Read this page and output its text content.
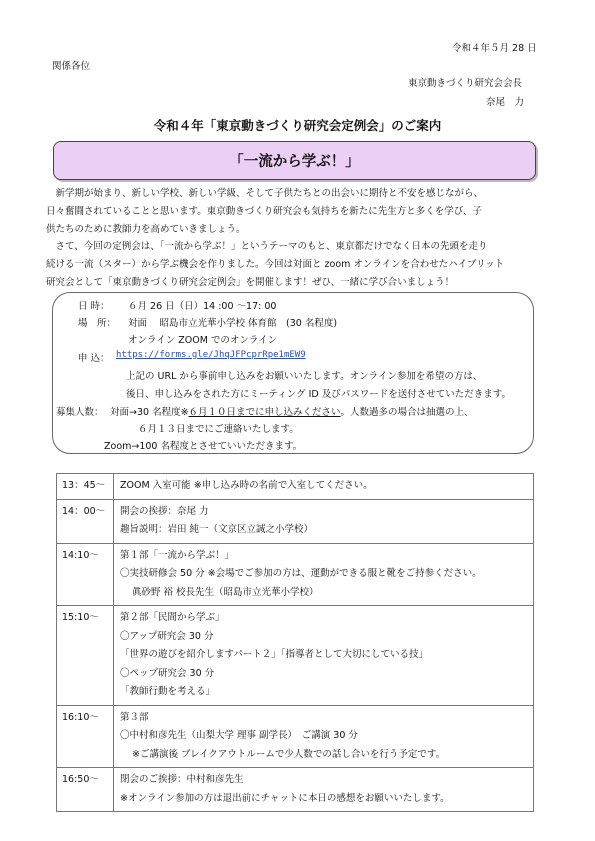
令和４年５月 28 日
関係各位
東京動きづくり研究会会長
奈尾　力
令和４年「東京動きづくり研究会定例会」のご案内
「一流から学ぶ！」

　新学期が始まり、新しい学校、新しい学級、そして子供たちとの出会いに期待と不安を感じながら、

日々奮闘されていることと思います。東京動きづくり研究会も気持ちを新たに先生方と多くを学び、子

供たちのために教師力を高めていきましょう。

　さて、今回の定例会は、「一流から学ぶ！」というテーマのもと、東京都だけでなく日本の先頭を走り

続ける一流（スター）から学ぶ機会を作りました。今回は対面と zoom オンラインを合わせたハイブリット

研究会として「東京動きづくり研究会定例会」を開催します！ぜひ、一緒に学び合いましょう！

日 時： ６月 26 日（日）14 :00 ～17: 00
場　所： 対面　 昭島市立光華小学校 体育館　(30 名程度)
オンライン ZOOM でのオンライン
申 込： https://forms.gle/JhqJFPcprRpe1mEW9
上記の URL から事前申し込みをお願いいたします。オンライン参加を希望の方は、
後日、申し込みをされた方にミーティング ID 及びパスワードを送付させていただきます。
募集人数： 対面→30 名程度※６月１０日までに申し込みください。人数過多の場合は抽選の上、
６月１３日までにご連絡いたします。
Zoom→100 名程度とさせていいただきます。
13：45～	ZOOM 入室可能 ※申し込み時の名前で入室してください。

14：00～	開会の挨拶：奈尾 力
趣旨説明：岩田 純一（文京区立誠之小学校）

14:10～	第１部「一流から学ぶ！」
〇実技研修会 50 分 ※会場でご参加の方は、運動ができる服と靴をご持参ください。
眞砂野 裕 校長先生（昭島市立光華小学校）

15:10～	第２部「民間から学ぶ」
〇アップ研究会 30 分
「世界の遊びを紹介しますパート２」「指導者として大切にしている技」
〇ペップ研究会 30 分
「教師行動を考える」

16:10～	第３部
〇中村和彦先生（山梨大学 理事 副学長）　ご講演 30 分
※ご講演後 ブレイクアウトルームで少人数での話し合いを行う予定です。

16:50～	閉会のご挨拶：中村和彦先生
※オンライン参加の方は退出前にチャットに本日の感想をお願いいたします。
